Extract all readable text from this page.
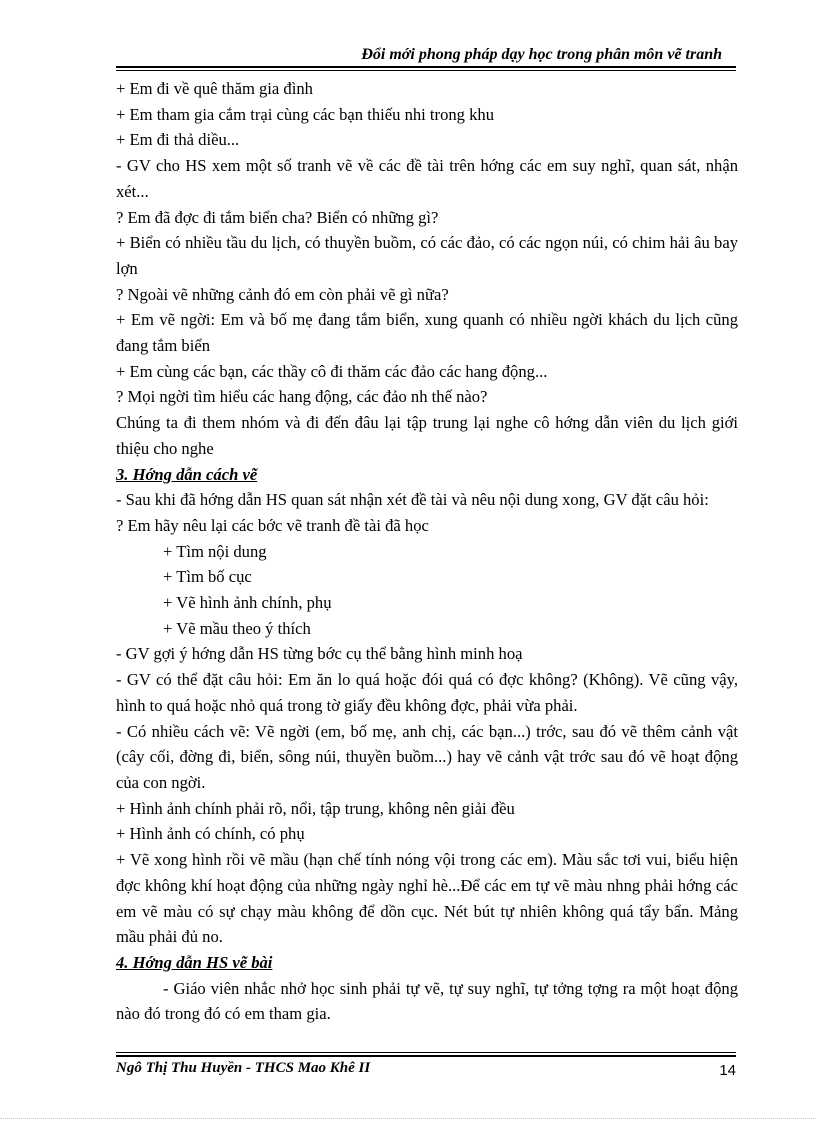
Đổi mới phong pháp dạy học trong phân môn vẽ tranh

+ Em đi về quê thăm gia đình

+ Em tham gia cắm trại cùng các bạn thiếu nhi trong khu

+ Em đi thả diều...

- GV cho HS xem một số tranh vẽ về các đề tài trên hớng các em suy nghĩ, quan sát, nhận xét...

? Em đã đợc đi tắm biển cha? Biển có những gì?

+ Biển có nhiều tầu du lịch, có thuyền buồm, có các đảo, có các ngọn núi, có chim hải âu bay lợn

? Ngoài vẽ những cảnh đó em còn phải vẽ gì nữa?

+ Em vẽ ngời: Em và bố mẹ đang tắm biển, xung quanh có nhiều ngời khách du lịch cũng đang tắm biển

+ Em cùng các bạn, các thầy cô đi thăm các đảo các hang động...

? Mọi ngời tìm hiểu các hang động, các đảo nh thế nào?

Chúng ta đi them nhóm và đi đến đâu lại tập trung lại nghe cô hớng dẫn viên du lịch giới thiệu cho nghe

3. Hớng dẫn cách vẽ

- Sau khi đã hớng dẫn HS quan sát nhận xét đề tài và nêu nội dung xong, GV đặt câu hỏi:

? Em hãy nêu lại các bớc vẽ tranh đề tài đã học

+ Tìm nội dung

+ Tìm bố cục

+ Vẽ hình ảnh chính, phụ

+ Vẽ mầu theo ý thích

- GV gợi ý hớng dẫn HS từng bớc cụ thể bằng hình minh hoạ

- GV có thể đặt câu hỏi: Em ăn lo quá hoặc đói quá có đợc không? (Không). Vẽ cũng vậy, hình to quá hoặc nhỏ quá trong tờ giấy đều không đợc, phải vừa phải.

- Có nhiều cách vẽ: Vẽ ngời (em, bố mẹ, anh chị, các bạn...) trớc, sau đó vẽ thêm cảnh vật (cây cối, đờng đi, biển, sông núi, thuyền buồm...) hay vẽ cảnh vật trớc sau đó vẽ hoạt động của con ngời.

+ Hình ảnh chính phải rõ, nổi, tập trung, không nên giải đều

+ Hình ảnh có chính, có phụ

+ Vẽ xong hình rồi vẽ mầu (hạn chế tính nóng vội trong các em). Màu sắc tơi vui, biểu hiện đợc không khí hoạt động của những ngày nghỉ hè...Để các em tự vẽ màu nhng phải hớng các em vẽ màu có sự chạy màu không để dồn cục. Nét bút tự nhiên không quá tẩy bẩn. Mảng mầu phải đủ no.

4. Hớng dẫn HS vẽ bài

- Giáo viên nhắc nhở học sinh phải tự vẽ, tự suy nghĩ, tự tởng tợng ra một hoạt động nào đó trong đó có em tham gia.

Ngô Thị Thu Huyền - THCS Mao Khê II	14
